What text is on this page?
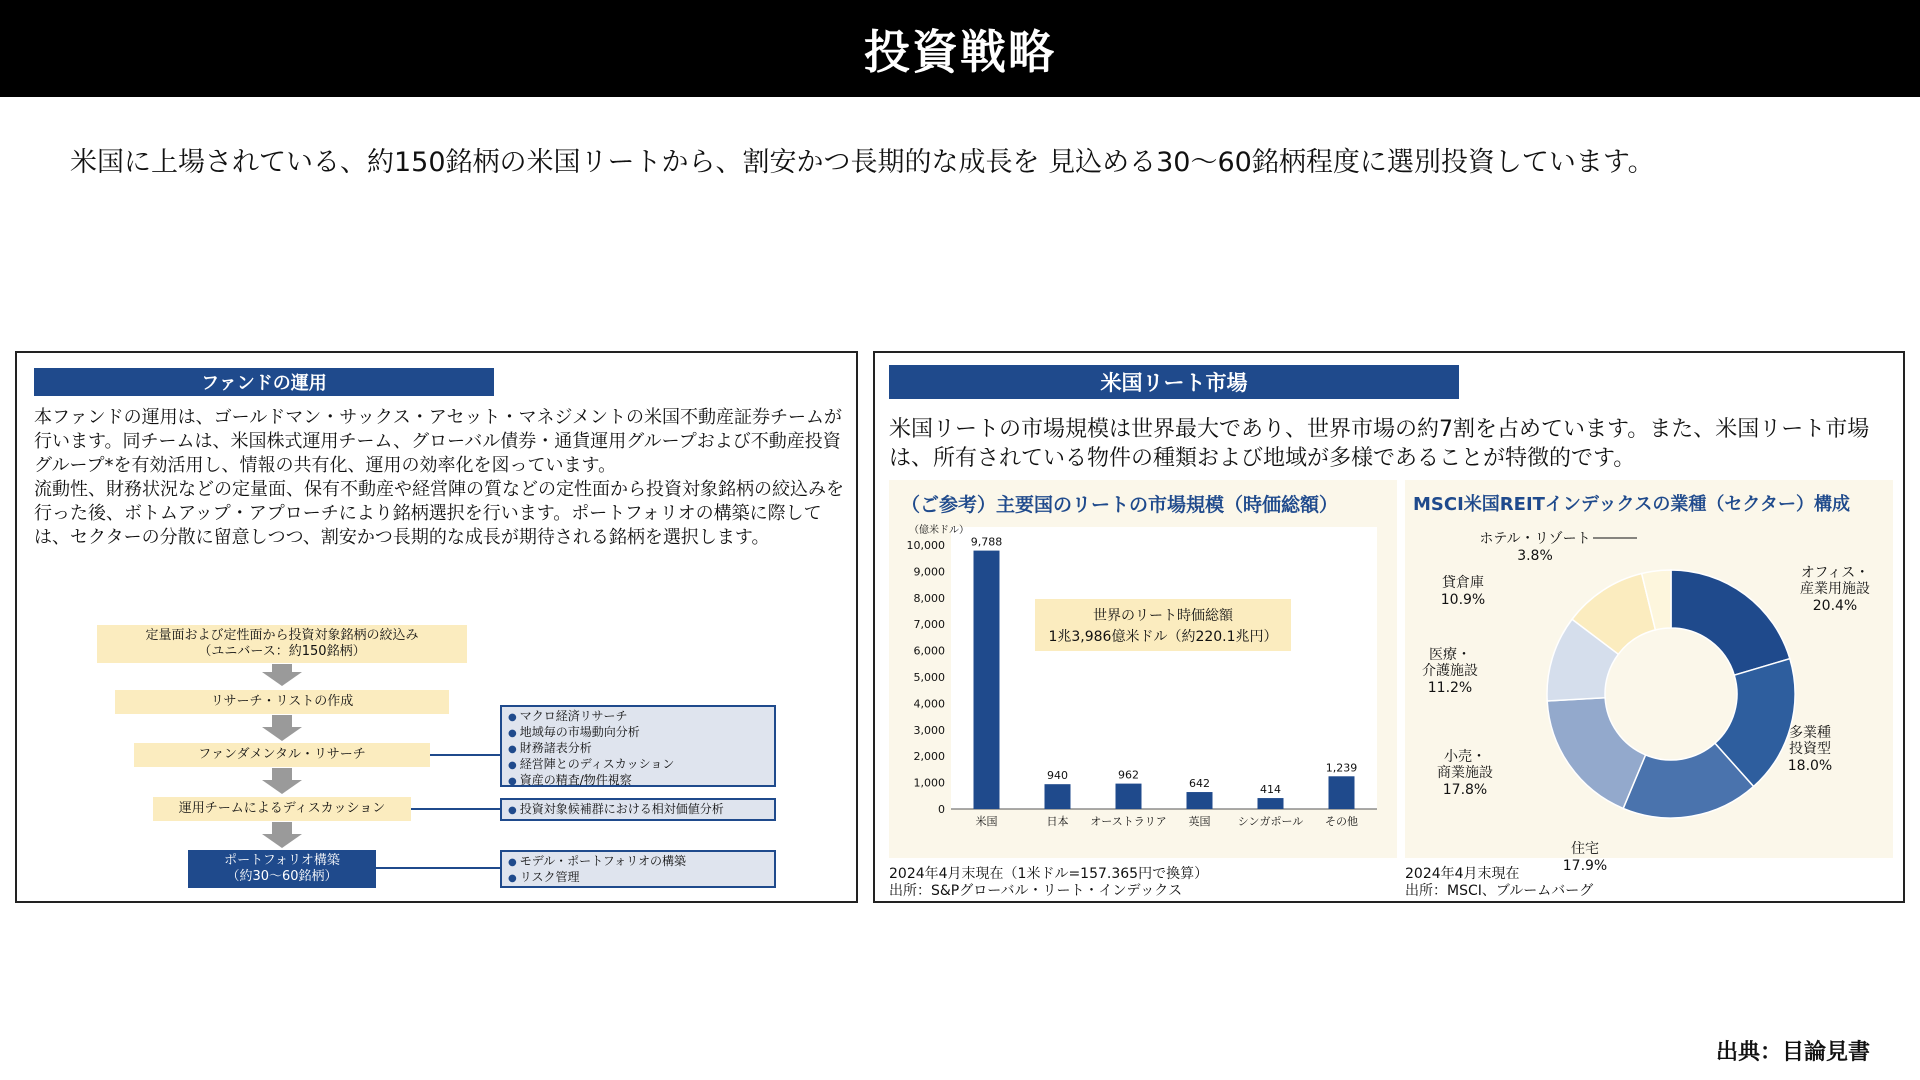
投資戦略
米国に上場されている、約150銘柄の米国リートから、割安かつ長期的な成長を 見込める30〜60銘柄程度に選別投資しています。
ファンドの運用
本ファンドの運用は、ゴールドマン・サックス・アセット・マネジメントの米国不動産証券チームが行います。同チームは、米国株式運用チーム、グローバル債券・通貨運用グループおよび不動産投資グループ*を有効活用し、情報の共有化、運用の効率化を図っています。
流動性、財務状況などの定量面、保有不動産や経営陣の質などの定性面から投資対象銘柄の絞込みを行った後、ボトムアップ・アプローチにより銘柄選択を行います。ポートフォリオの構築に際しては、セクターの分散に留意しつつ、割安かつ長期的な成長が期待される銘柄を選択します。
定量面および定性面から投資対象銘柄の絞込み
（ユニバース：約150銘柄）
リサーチ・リストの作成
ファンダメンタル・リサーチ
運用チームによるディスカッション
ポートフォリオ構築
（約30〜60銘柄）
● マクロ経済リサーチ
● 地域毎の市場動向分析
● 財務諸表分析
● 経営陣とのディスカッション
● 資産の精査/物件視察
● 投資対象候補群における相対価値分析
● モデル・ポートフォリオの構築
● リスク管理
米国リート市場
米国リートの市場規模は世界最大であり、世界市場の約7割を占めています。また、米国リート市場は、所有されている物件の種類および地域が多様であることが特徴的です。
（ご参考）主要国のリートの市場規模（時価総額）
（億米ドル）
0
1,000
2,000
3,000
4,000
5,000
6,000
7,000
8,000
9,000
10,000 9,788
米国
940
日本
962
オーストラリア
642
英国
414
シンガポール
1,239
その他
世界のリート時価総額
1兆3,986億米ドル（約220.1兆円）
2024年4月末現在（1米ドル=157.365円で換算）
出所：S&Pグローバル・リート・インデックス
MSCI米国REITインデックスの業種（セクター）構成
オフィス・
産業用施設
20.4%
多業種
投資型
18.0%
住宅
17.9%
小売・
商業施設
17.8%
医療・
介護施設
11.2%
貸倉庫
10.9%
ホテル・リゾート
3.8%
2024年4月末現在
出所：MSCI、ブルームバーグ
出典：目論見書
